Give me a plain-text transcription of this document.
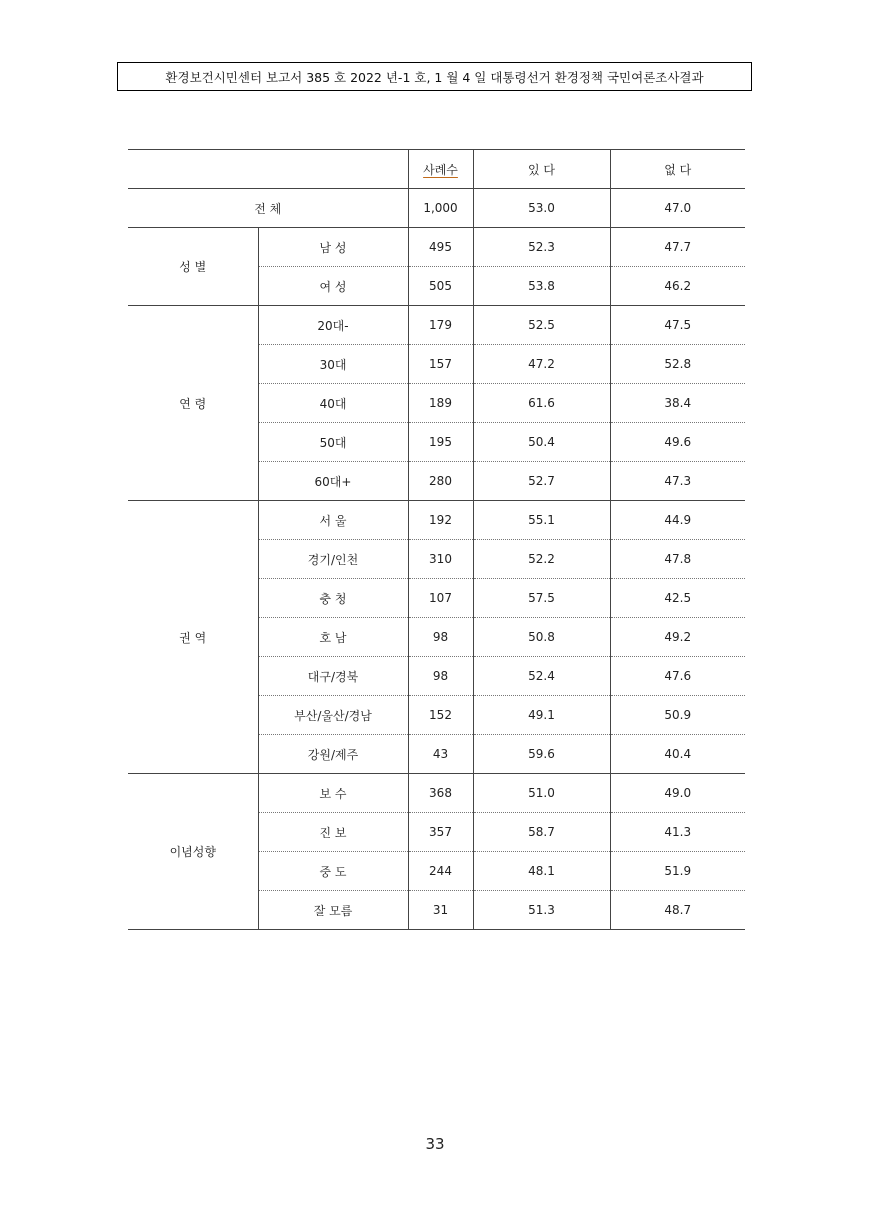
환경보건시민센터 보고서 385 호 2022 년-1 호, 1 월 4 일 대통령선거 환경정책 국민여론조사결과
		사례수	있 다	없 다
전 체		1,000	53.0	47.0
성 별	남 성	495	52.3	47.7
	여 성	505	53.8	46.2
연 령	20대-	179	52.5	47.5
	30대	157	47.2	52.8
	40대	189	61.6	38.4
	50대	195	50.4	49.6
	60대+	280	52.7	47.3
권 역	서 울	192	55.1	44.9
	경기/인천	310	52.2	47.8
	충 청	107	57.5	42.5
	호 남	98	50.8	49.2
	대구/경북	98	52.4	47.6
	부산/울산/경남	152	49.1	50.9
	강원/제주	43	59.6	40.4
이념성향	보 수	368	51.0	49.0
	진 보	357	58.7	41.3
	중 도	244	48.1	51.9
	잘 모름	31	51.3	48.7
33
